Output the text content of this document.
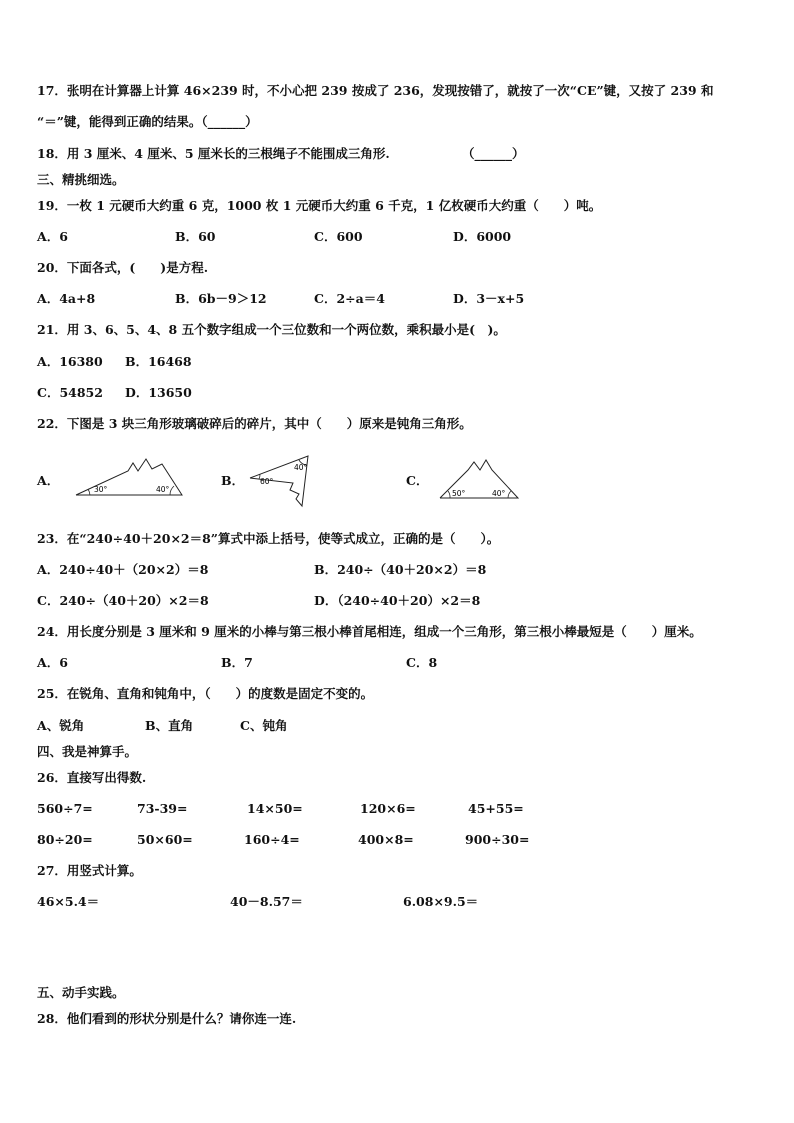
17．张明在计算器上计算 46×239 时，不小心把 239 按成了 236，发现按错了，就按了一次“CE”键，又按了 239 和
“＝”键，能得到正确的结果。（______）
18．用 3 厘米、4 厘米、5 厘米长的三根绳子不能围成三角形.	（______）
三、精挑细选。
19．一枚 1 元硬币大约重 6 克，1000 枚 1 元硬币大约重 6 千克，1 亿枚硬币大约重（　　）吨。
A．6	B．60	C．600	D．6000
20．下面各式，(　　)是方程.
A．4a+8	B．6b－9＞12	C．2÷a＝4	D．3－x+5
21．用 3、6、5、4、8 五个数字组成一个三位数和一个两位数，乘积最小是(　)。
A．16380 B．16468
C．54852 D．13650
22．下图是 3 块三角形玻璃破碎后的碎片，其中（　　）原来是钝角三角形。
A．	B．	C．
30°	40°
60°
40°
50°	40°
23．在“240÷40＋20×2＝8”算式中添上括号，使等式成立，正确的是（　　）。
A．240÷40＋（20×2）＝8	B．240÷（40＋20×2）＝8
C．240÷（40＋20）×2＝8	D．（240÷40＋20）×2＝8
24．用长度分别是 3 厘米和 9 厘米的小棒与第三根小棒首尾相连，组成一个三角形，第三根小棒最短是（　　）厘米。
A．6	B．7	C．8
25．在锐角、直角和钝角中，（　　）的度数是固定不变的。
A、锐角	B、直角	C、钝角
四、我是神算手。
26．直接写出得数.
560÷7=	73-39=	14×50=	120×6=	45+55=
80÷20=	50×60=	160÷4=	400×8=	900÷30=
27．用竖式计算。
46×5.4＝	40－8.57＝	6.08×9.5＝
五、动手实践。
28．他们看到的形状分别是什么？请你连一连.
